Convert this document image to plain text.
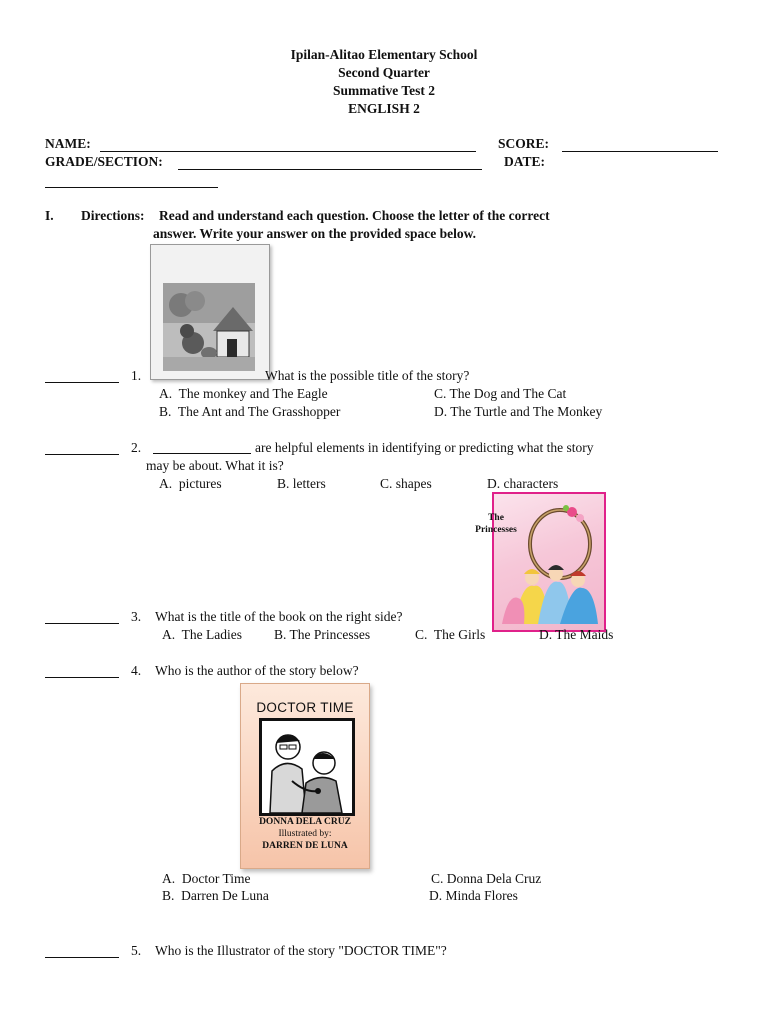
Ipilan-Alitao Elementary School
Second Quarter
Summative Test 2
ENGLISH 2
NAME:	SCORE:
GRADE/SECTION:	DATE:
I. Directions: Read and understand each question. Choose the letter of the correct
answer. Write your answer on the provided space below.
1.	What is the possible title of the story?
A. The monkey and The Eagle
B. The Ant and The Grasshopper
C. The Dog and The Cat
D. The Turtle and The Monkey
2.	are helpful elements in identifying or predicting what the story
may be about. What it is?
A. pictures	B. letters	C. shapes	D. characters
The
Princesses
3. What is the title of the book on the right side?
A. The Ladies B. The Princesses	C. The Girls	D. The Maids
4. Who is the author of the story below?
DOCTOR TIME
DONNA DELA CRUZ
Illustrated by:
DARREN DE LUNA
A. Doctor Time
B. Darren De Luna
C. Donna Dela Cruz
D. Minda Flores
5. Who is the Illustrator of the story "DOCTOR TIME"?
